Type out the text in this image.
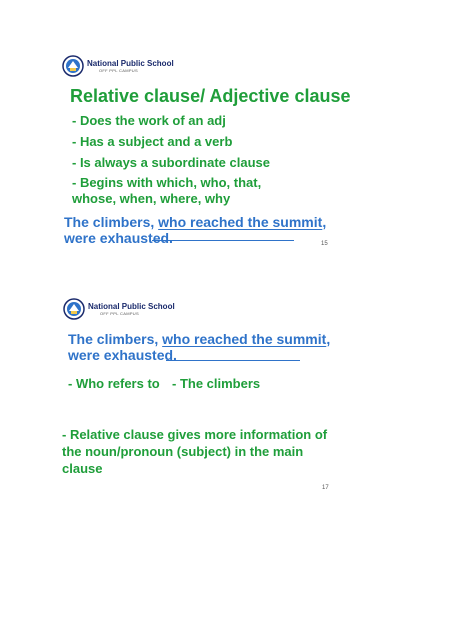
National Public School
OFF PPL CAMPUS
Relative clause/ Adjective clause

- Does the work of an adj

- Has a subject and a verb

- Is always a subordinate clause

- Begins with which, who, that,

whose, when, where, why

The climbers, who reached the summit,

were exhausted.	15
National Public School
OFF PPL CAMPUS

The climbers, who reached the summit,

were exhausted.

- Who refers to - The climbers

- Relative clause gives more information of

the noun/pronoun (subject) in the main

clause

17
